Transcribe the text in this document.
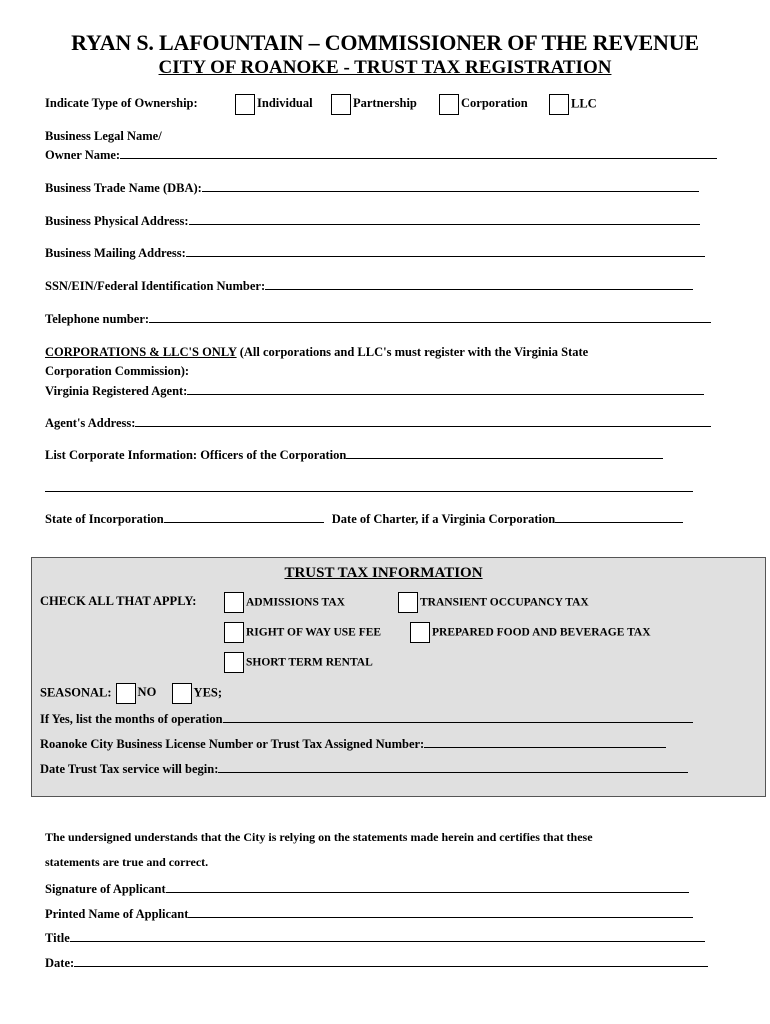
RYAN S. LAFOUNTAIN – COMMISSIONER OF THE REVENUE
CITY OF ROANOKE - TRUST TAX REGISTRATION
Indicate Type of Ownership:	Individual	Partnership	Corporation	LLC
Business Legal Name/
Owner Name:
Business Trade Name (DBA):
Business Physical Address:
Business Mailing Address:
SSN/EIN/Federal Identification Number:
Telephone number:
CORPORATIONS & LLC'S ONLY (All corporations and LLC's must register with the Virginia State
Corporation Commission):
Virginia Registered Agent:
Agent's Address:
List Corporate Information: Officers of the Corporation
State of Incorporation	Date of Charter, if a Virginia Corporation
TRUST TAX INFORMATION
CHECK ALL THAT APPLY:	ADMISSIONS TAX	TRANSIENT OCCUPANCY TAX
RIGHT OF WAY USE FEE	PREPARED FOOD AND BEVERAGE TAX
SHORT TERM RENTAL
SEASONAL: NO	YES;
If Yes, list the months of operation
Roanoke City Business License Number or Trust Tax Assigned Number:
Date Trust Tax service will begin:
The undersigned understands that the City is relying on the statements made herein and certifies that these
statements are true and correct.
Signature of Applicant
Printed Name of Applicant
Title
Date:
